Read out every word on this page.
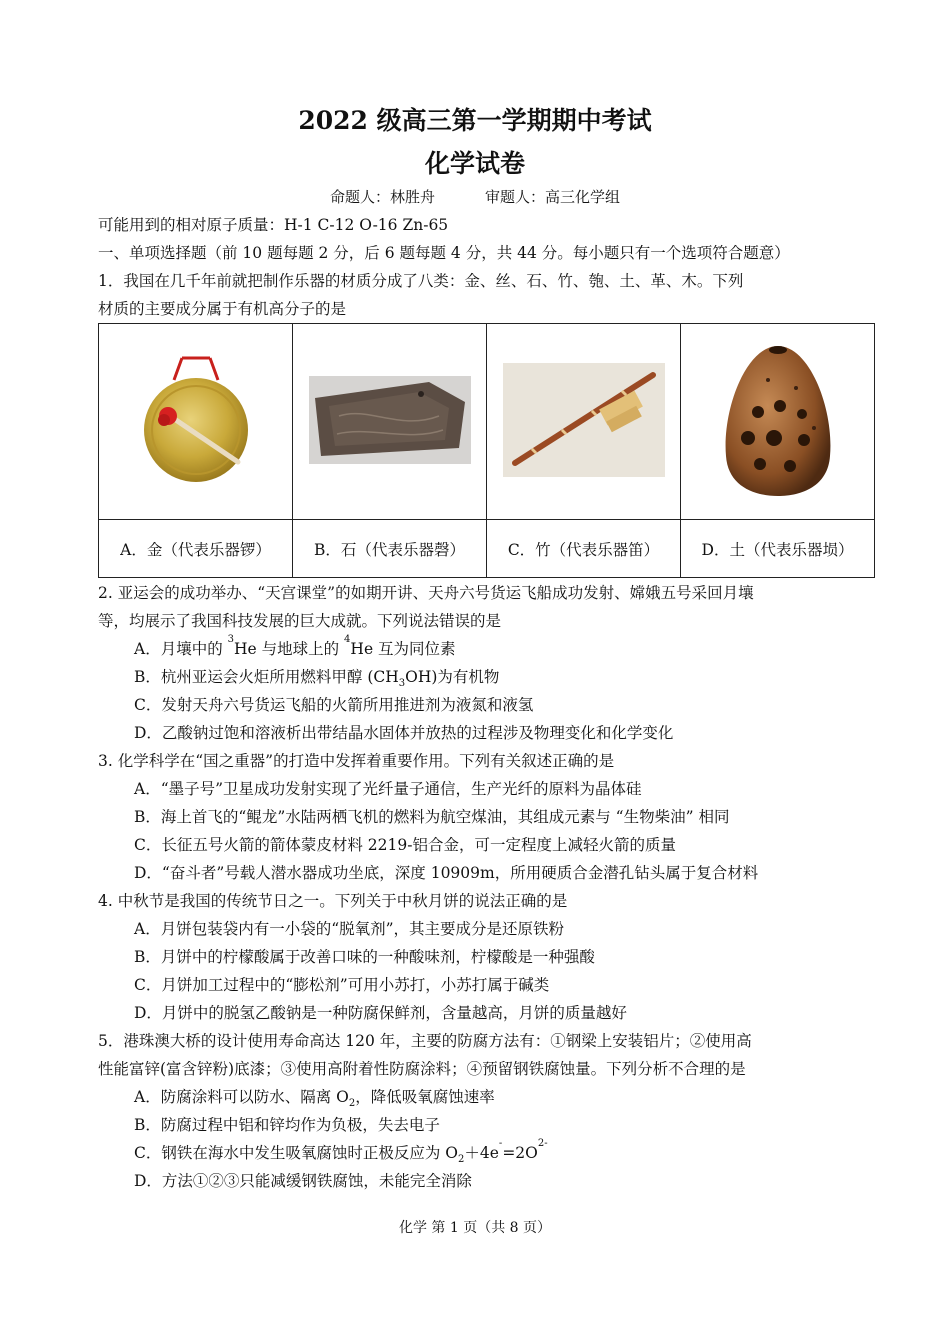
2022 级高三第一学期期中考试
化学试卷
命题人：林胜舟	审题人：高三化学组
可能用到的相对原子质量：H-1 C-12 O-16 Zn-65
一、单项选择题（前 10 题每题 2 分，后 6 题每题 4 分，共 44 分。每小题只有一个选项符合题意）
1．我国在几千年前就把制作乐器的材质分成了八类：金、丝、石、竹、匏、土、革、木。下列
材质的主要成分属于有机高分子的是

A．金（代表乐器锣）	B．石（代表乐器磬）	C．竹（代表乐器笛）	D．土（代表乐器埙）
2. 亚运会的成功举办、“天宫课堂”的如期开讲、天舟六号货运飞船成功发射、嫦娥五号采回月壤
等，均展示了我国科技发展的巨大成就。下列说法错误的是
A．月壤中的 $^3$He 与地球上的 $^4$He 互为同位素
B．杭州亚运会火炬所用燃料甲醇 $(CH_3OH)$为有机物
C．发射天舟六号货运飞船的火箭所用推进剂为液氮和液氢
D．乙酸钠过饱和溶液析出带结晶水固体并放热的过程涉及物理变化和化学变化
3. 化学科学在“国之重器”的打造中发挥着重要作用。下列有关叙述正确的是
A．“墨子号”卫星成功发射实现了光纤量子通信，生产光纤的原料为晶体硅
B．海上首飞的“鲲龙”水陆两栖飞机的燃料为航空煤油，其组成元素与 “生物柴油” 相同
C．长征五号火箭的箭体蒙皮材料 2219-铝合金，可一定程度上减轻火箭的质量
D．“奋斗者”号载人潜水器成功坐底，深度 10909m，所用硬质合金潜孔钻头属于复合材料
4. 中秋节是我国的传统节日之一。下列关于中秋月饼的说法正确的是
A．月饼包装袋内有一小袋的“脱氧剂”，其主要成分是还原铁粉
B．月饼中的柠檬酸属于改善口味的一种酸味剂，柠檬酸是一种强酸
C．月饼加工过程中的“膨松剂”可用小苏打，小苏打属于碱类
D．月饼中的脱氢乙酸钠是一种防腐保鲜剂，含量越高，月饼的质量越好
5．港珠澳大桥的设计使用寿命高达 120 年，主要的防腐方法有：①钢梁上安装铝片；②使用高
性能富锌(富含锌粉)底漆；③使用高附着性防腐涂料；④预留钢铁腐蚀量。下列分析不合理的是
A．防腐涂料可以防水、隔离 $O_2$，降低吸氧腐蚀速率
B．防腐过程中铝和锌均作为负极，失去电子
C．钢铁在海水中发生吸氧腐蚀时正极反应为 $O_2+4e^-=2O^{2-}$
D．方法①②③只能减缓钢铁腐蚀，未能完全消除
化学 第 1 页（共 8 页）
